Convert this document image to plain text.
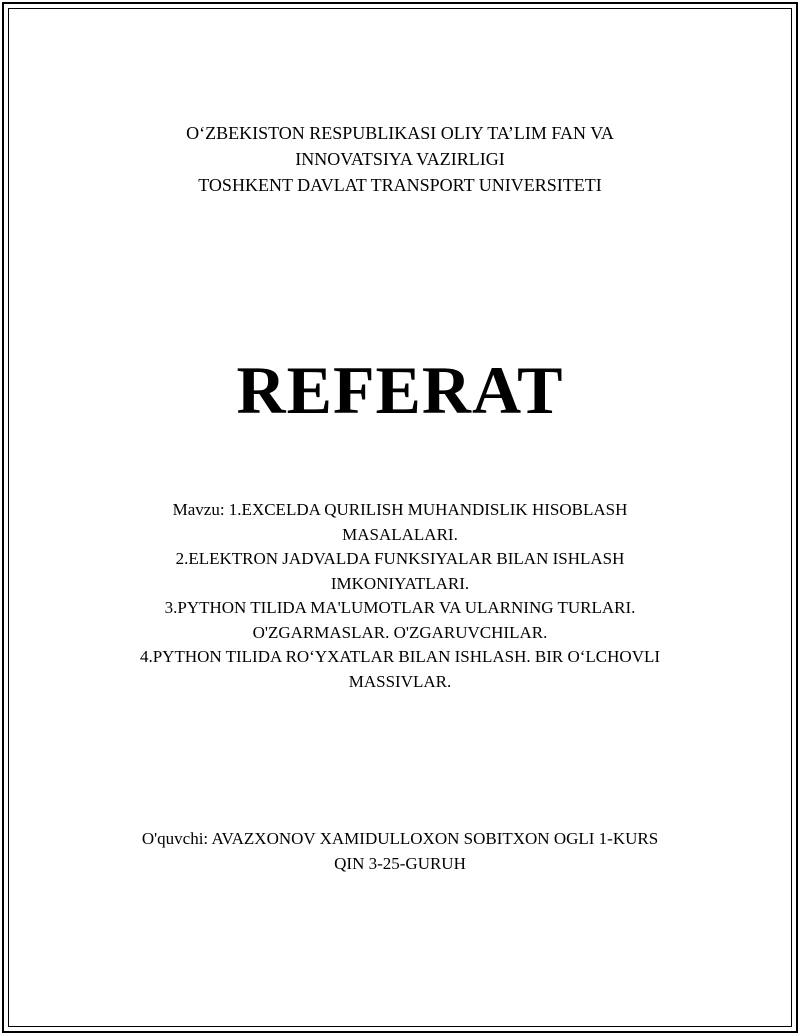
O‘ZBEKISTON RESPUBLIKASI OLIY TA’LIM FAN VA
INNOVATSIYA VAZIRLIGI
TOSHKENT DAVLAT TRANSPORT UNIVERSITETI
REFERAT
Mavzu: 1.EXCELDA QURILISH MUHANDISLIK HISOBLASH
MASALALARI.
2.ELEKTRON JADVALDA FUNKSIYALAR BILAN ISHLASH
IMKONIYATLARI.
3.PYTHON TILIDA MA'LUMOTLAR VA ULARNING TURLARI.
O'ZGARMASLAR. O'ZGARUVCHILAR.
4.PYTHON TILIDA RO‘YXATLAR BILAN ISHLASH. BIR O‘LCHOVLI
MASSIVLAR.
O'quvchi: AVAZXONOV XAMIDULLOXON SOBITXON OGLI 1-KURS
QIN 3-25-GURUH
